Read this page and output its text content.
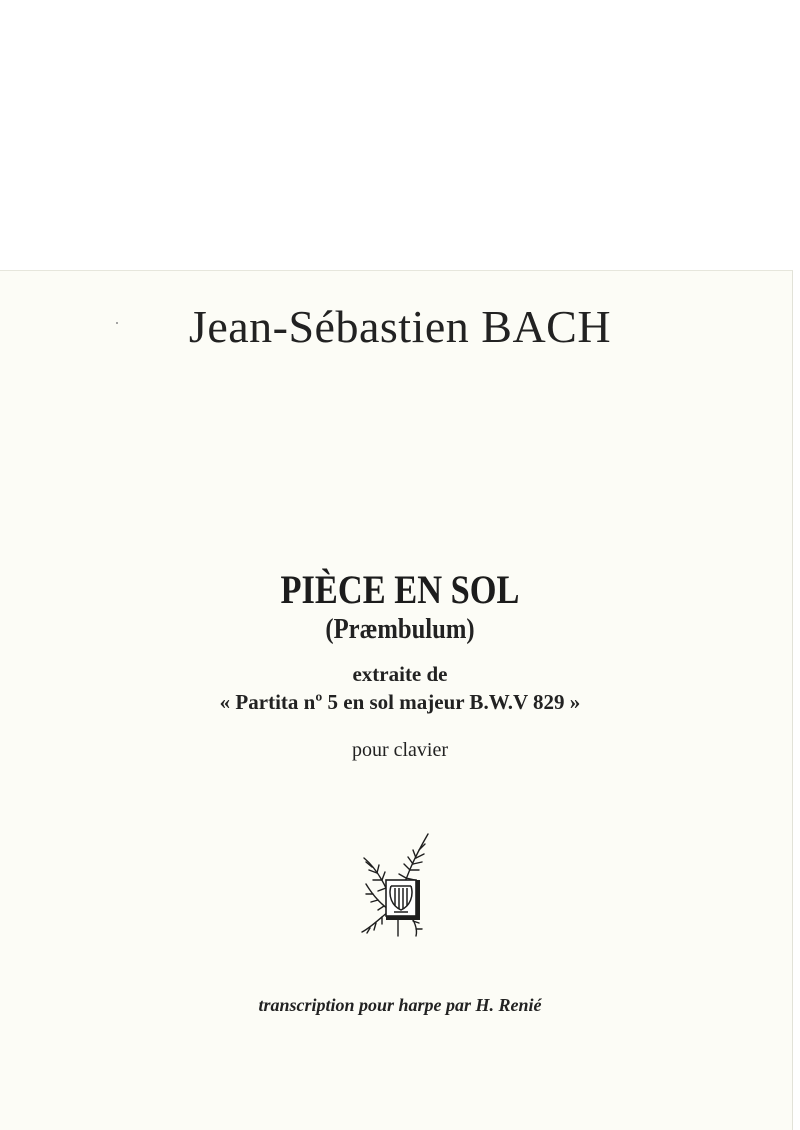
Jean-Sébastien BACH
PIÈCE EN SOL
(Præmbulum)
extraite de
« Partita nº 5 en sol majeur B.W.V 829 »
pour clavier
transcription pour harpe par H. Renié
